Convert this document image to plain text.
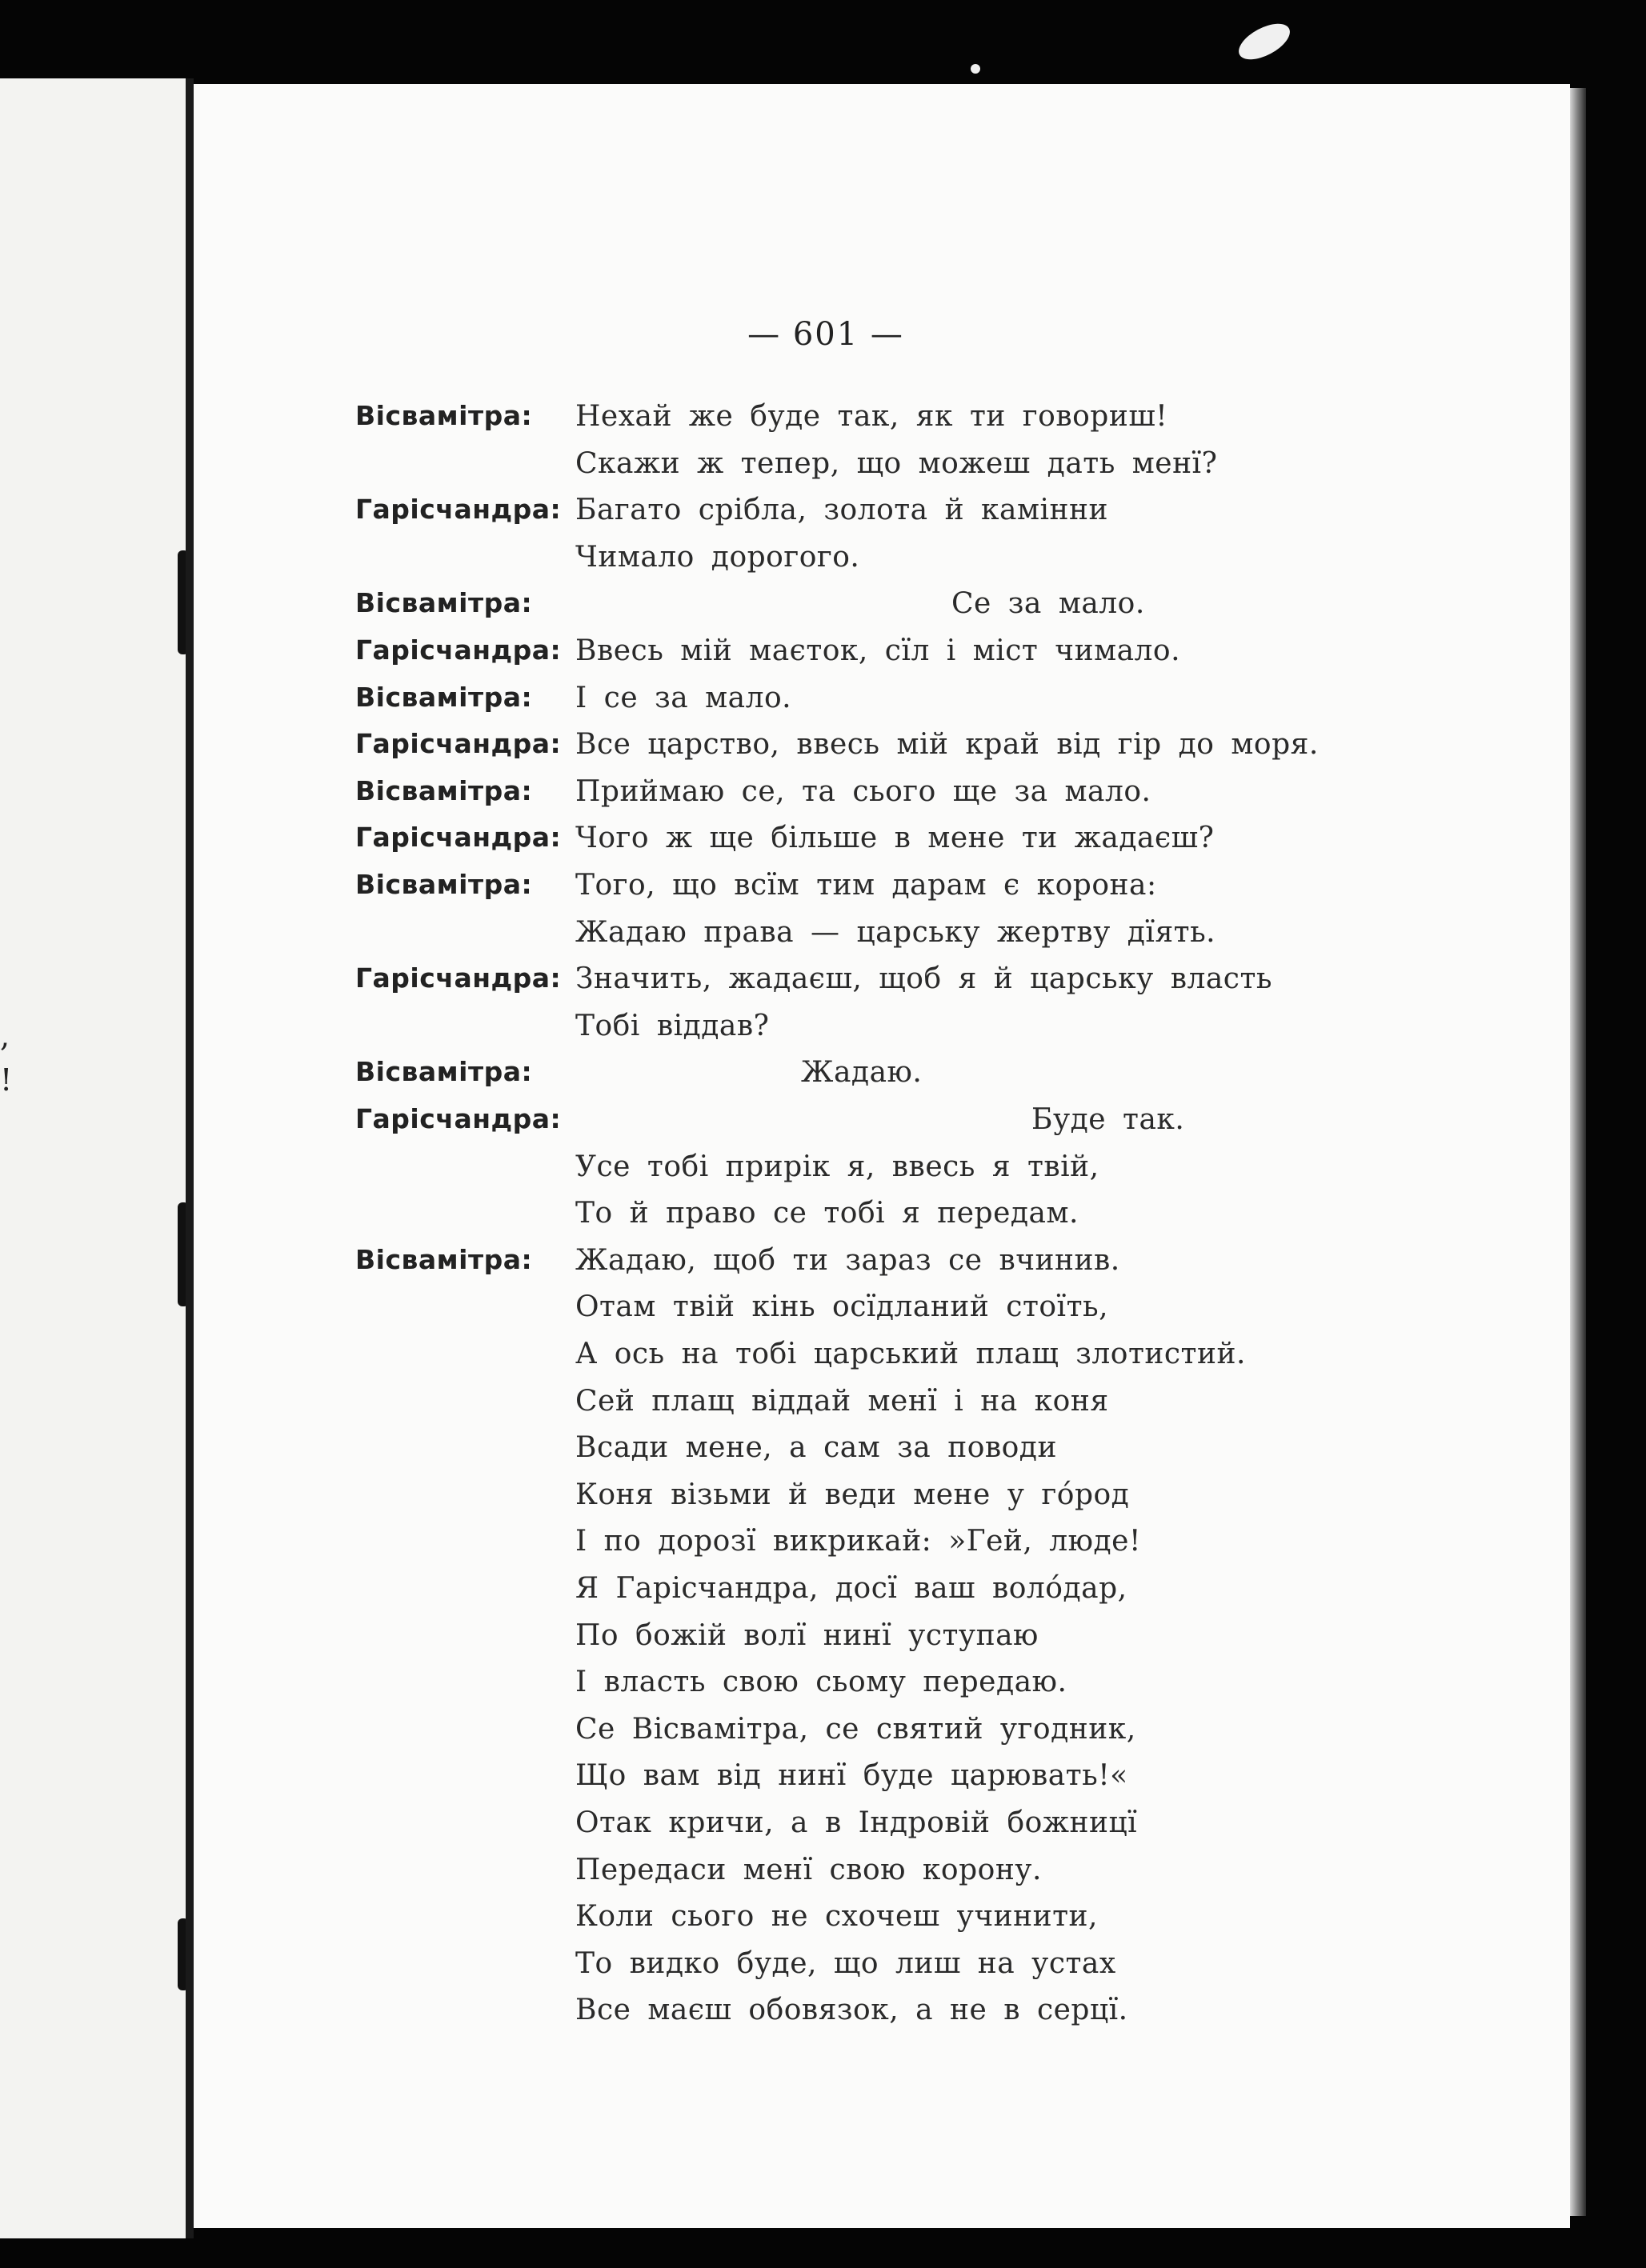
,
!
— 601 —
Вісвамітра: Нехай же буде так, як ти говориш!
Скажи ж тепер, що можеш дать менї?
Гарісчандра: Багато срібла, золота й камінни
Чимало дорогого.
Вісвамітра:	Се за мало.
Гарісчандра: Ввесь мій маєток, сїл і міст чимало.
Вісвамітра: І се за мало.
Гарісчандра: Все царство, ввесь мій край від гір до моря.
Вісвамітра: Приймаю се, та сього ще за мало.
Гарісчандра: Чого ж ще більше в мене ти жадаєш?
Вісвамітра: Того, що всїм тим дарам є корона:
Жадаю права — царську жертву дїять.
Гарісчандра: Значить, жадаєш, щоб я й царську власть
Тобі віддав?
Вісвамітра:	Жадаю.
Гарісчандра:	Буде так.
Усе тобі прирік я, ввесь я твій,
То й право се тобі я передам.
Вісвамітра: Жадаю, щоб ти зараз се вчинив.
Отам твій кінь осїдланий стоїть,
А ось на тобі царський плащ злотистий.
Сей плащ віддай менї і на коня
Всади мене, а сам за поводи
Коня візьми й веди мене у го́род
І по дорозї викрикай: »Гей, люде!
Я Гарісчандра, досї ваш воло́дар,
По божій волї нинї уступаю
І власть свою сьому передаю.
Се Вісвамітра, се святий угодник,
Що вам від нинї буде царювать!«
Отак кричи, а в Індровій божницї
Передаси менї свою корону.
Коли сього не схочеш учинити,
То видко буде, що лиш на устах
Все маєш обовязок, а не в серцї.
